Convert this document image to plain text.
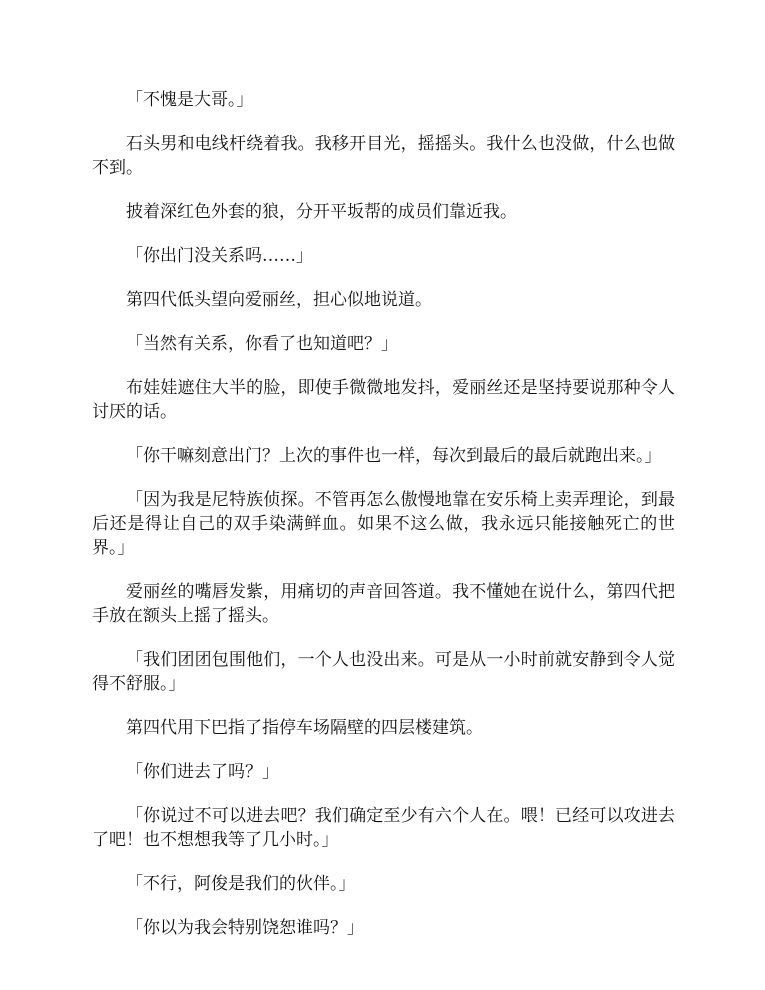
「不愧是大哥。」

石头男和电线杆绕着我。我移开目光，摇摇头。我什么也没做，什么也做不到。

披着深红色外套的狼，分开平坂帮的成员们靠近我。

「你出门没关系吗……」

第四代低头望向爱丽丝，担心似地说道。

「当然有关系，你看了也知道吧？」

布娃娃遮住大半的脸，即使手微微地发抖，爱丽丝还是坚持要说那种令人讨厌的话。

「你干嘛刻意出门？上次的事件也一样，每次到最后的最后就跑出来。」

「因为我是尼特族侦探。不管再怎么傲慢地靠在安乐椅上卖弄理论，到最后还是得让自己的双手染满鲜血。如果不这么做，我永远只能接触死亡的世界。」

爱丽丝的嘴唇发紫，用痛切的声音回答道。我不懂她在说什么，第四代把手放在额头上摇了摇头。

「我们团团包围他们，一个人也没出来。可是从一小时前就安静到令人觉得不舒服。」

第四代用下巴指了指停车场隔壁的四层楼建筑。

「你们进去了吗？」

「你说过不可以进去吧？我们确定至少有六个人在。喂！已经可以攻进去了吧！也不想想我等了几小时。」

「不行，阿俊是我们的伙伴。」

「你以为我会特别饶恕谁吗？」
